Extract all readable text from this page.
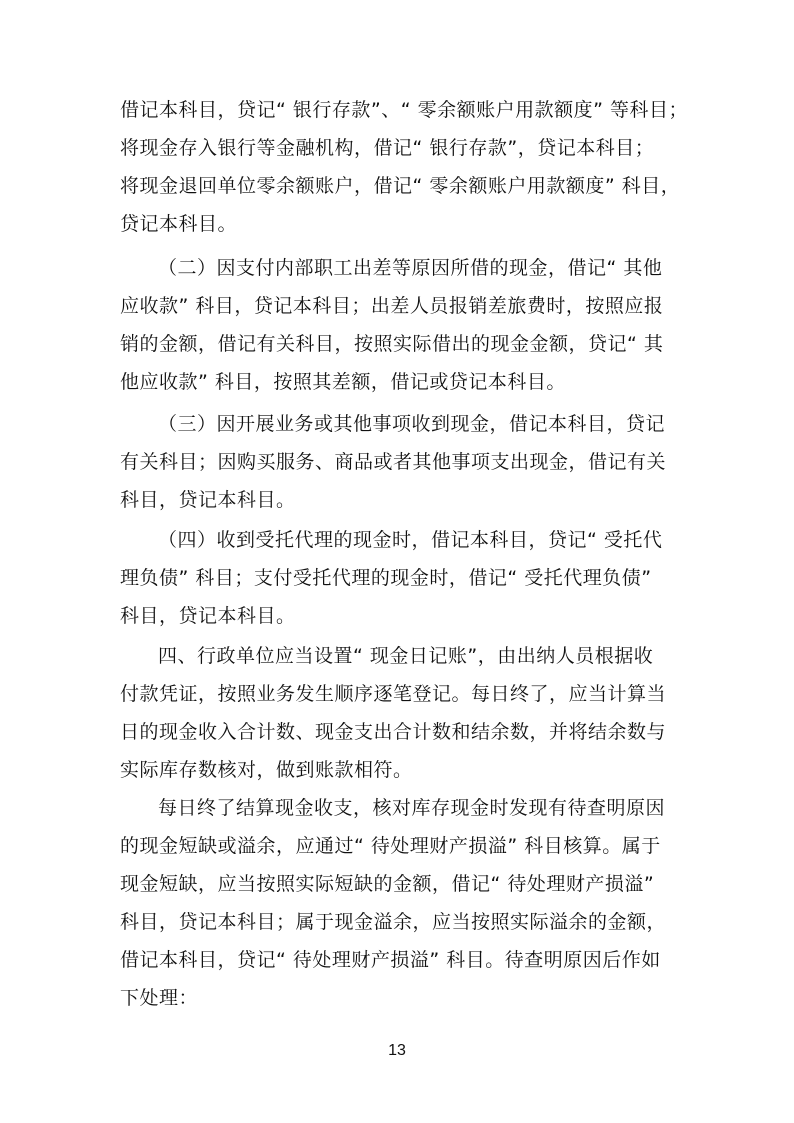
借记本科目，贷记“ 银行存款”、“ 零余额账户用款额度” 等科目；
将现金存入银行等金融机构，借记“ 银行存款”，贷记本科目；
将现金退回单位零余额账户，借记“ 零余额账户用款额度” 科目，
贷记本科目。
（二）因支付内部职工出差等原因所借的现金，借记“ 其他
应收款” 科目，贷记本科目；出差人员报销差旅费时，按照应报
销的金额，借记有关科目，按照实际借出的现金金额，贷记“ 其
他应收款” 科目，按照其差额，借记或贷记本科目。
（三）因开展业务或其他事项收到现金，借记本科目，贷记
有关科目；因购买服务、商品或者其他事项支出现金，借记有关
科目，贷记本科目。
（四）收到受托代理的现金时，借记本科目，贷记“ 受托代
理负债” 科目；支付受托代理的现金时，借记“ 受托代理负债”
科目，贷记本科目。
四、行政单位应当设置“ 现金日记账”，由出纳人员根据收
付款凭证，按照业务发生顺序逐笔登记。每日终了，应当计算当
日的现金收入合计数、现金支出合计数和结余数，并将结余数与
实际库存数核对，做到账款相符。
每日终了结算现金收支，核对库存现金时发现有待查明原因
的现金短缺或溢余，应通过“ 待处理财产损溢” 科目核算。属于
现金短缺，应当按照实际短缺的金额，借记“ 待处理财产损溢”
科目，贷记本科目；属于现金溢余，应当按照实际溢余的金额，
借记本科目，贷记“ 待处理财产损溢” 科目。待查明原因后作如
下处理：
13
